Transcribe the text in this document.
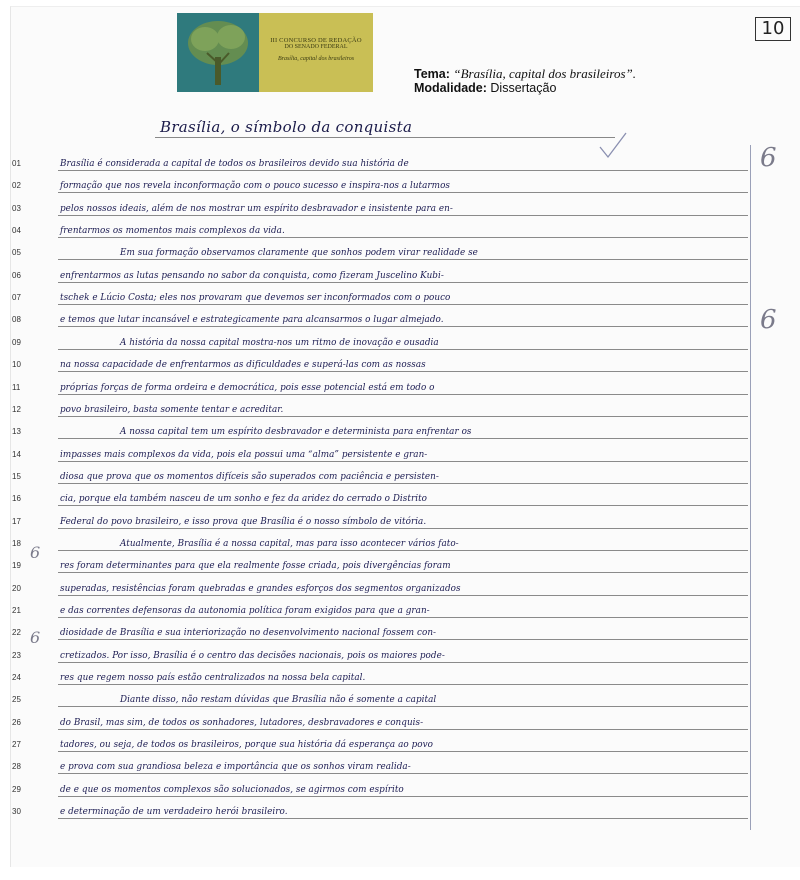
III CONCURSO DE REDAÇÃO
DO SENADO FEDERAL
Brasília, capital dos brasileiros
Tema: “Brasília, capital dos brasileiros”.
Modalidade: Dissertação
10
Brasília, o símbolo da conquista
6
6
6
6
01	Brasília é considerada a capital de todos os brasileiros devido sua história de
02	formação que nos revela inconformação com o pouco sucesso e inspira-nos a lutarmos
03	pelos nossos ideais, além de nos mostrar um espírito desbravador e insistente para en-
04	frentarmos os momentos mais complexos da vida.
05	Em sua formação observamos claramente que sonhos podem virar realidade se
06	enfrentarmos as lutas pensando no sabor da conquista, como fizeram Juscelino Kubi-
07	tschek e Lúcio Costa; eles nos provaram que devemos ser inconformados com o pouco
08	e temos que lutar incansável e estrategicamente para alcansarmos o lugar almejado.
09	A história da nossa capital mostra-nos um ritmo de inovação e ousadia
10	na nossa capacidade de enfrentarmos as dificuldades e superá-las com as nossas
11	próprias forças de forma ordeira e democrática, pois esse potencial está em todo o
12	povo brasileiro, basta somente tentar e acreditar.
13	A nossa capital tem um espírito desbravador e determinista para enfrentar os
14	impasses mais complexos da vida, pois ela possui uma “alma” persistente e gran-
15	diosa que prova que os momentos difíceis são superados com paciência e persisten-
16	cia, porque ela também nasceu de um sonho e fez da aridez do cerrado o Distrito
17	Federal do povo brasileiro, e isso prova que Brasília é o nosso símbolo de vitória.
18	Atualmente, Brasília é a nossa capital, mas para isso acontecer vários fato-
19	res foram determinantes para que ela realmente fosse criada, pois divergências foram
20	superadas, resistências foram quebradas e grandes esforços dos segmentos organizados
21	e das correntes defensoras da autonomia política foram exigidos para que a gran-
22	diosidade de Brasília e sua interiorização no desenvolvimento nacional fossem con-
23	cretizados. Por isso, Brasília é o centro das decisões nacionais, pois os maiores pode-
24	res que regem nosso país estão centralizados na nossa bela capital.
25	Diante disso, não restam dúvidas que Brasília não é somente a capital
26	do Brasil, mas sim, de todos os sonhadores, lutadores, desbravadores e conquis-
27	tadores, ou seja, de todos os brasileiros, porque sua história dá esperança ao povo
28	e prova com sua grandiosa beleza e importância que os sonhos viram realida-
29	de e que os momentos complexos são solucionados, se agirmos com espírito
30	e determinação de um verdadeiro herói brasileiro.
